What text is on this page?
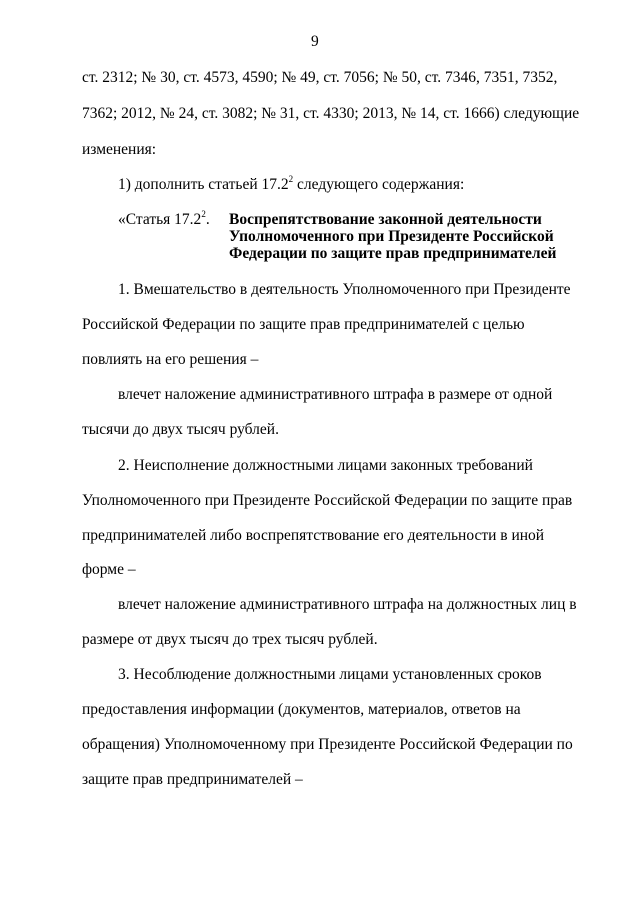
9
ст. 2312; № 30, ст. 4573, 4590; № 49, ст. 7056; № 50, ст. 7346, 7351, 7352,
7362; 2012, № 24, ст. 3082; № 31, ст. 4330; 2013, № 14, ст. 1666) следующие
изменения:
1) дополнить статьей 17.2$^2$ следующего содержания:
«Статья 17.2$^2$. Воспрепятствование законной деятельности
Уполномоченного при Президенте Российской
Федерации по защите прав предпринимателей
1. Вмешательство в деятельность Уполномоченного при Президенте
Российской Федерации по защите прав предпринимателей с целью
повлиять на его решения –
влечет наложение административного штрафа в размере от одной
тысячи до двух тысяч рублей.
2. Неисполнение должностными лицами законных требований
Уполномоченного при Президенте Российской Федерации по защите прав
предпринимателей либо воспрепятствование его деятельности в иной
форме –
влечет наложение административного штрафа на должностных лиц в
размере от двух тысяч до трех тысяч рублей.
3. Несоблюдение должностными лицами установленных сроков
предоставления информации (документов, материалов, ответов на
обращения) Уполномоченному при Президенте Российской Федерации по
защите прав предпринимателей –
